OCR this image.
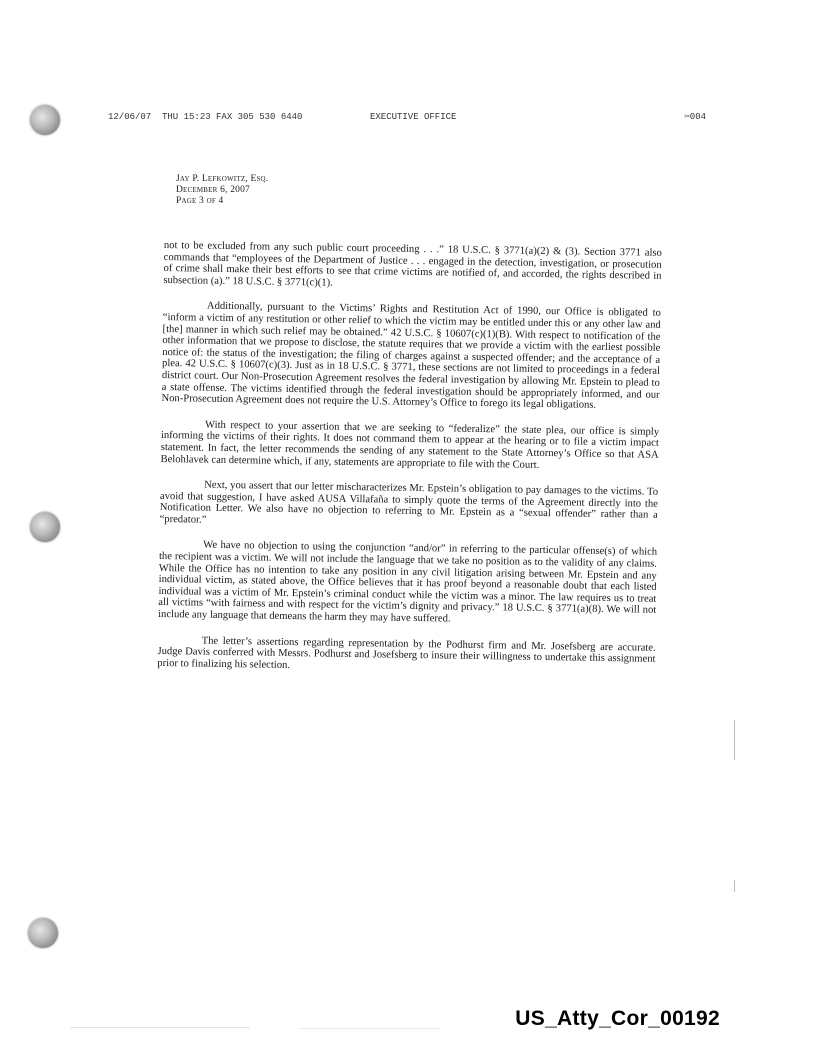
12/06/07  THU 15:23 FAX 305 530 6440	EXECUTIVE OFFICE	✂004
Jay P. Lefkowitz, Esq.
December 6, 2007
Page 3 of 4

not to be excluded from any such public court proceeding . . .” 18 U.S.C. § 3771(a)(2) & (3). Section 3771 also commands that “employees of the Department of Justice . . . engaged in the detection, investigation, or prosecution of crime shall make their best efforts to see that crime victims are notified of, and accorded, the rights described in subsection (a).” 18 U.S.C. § 3771(c)(1).

Additionally, pursuant to the Victims’ Rights and Restitution Act of 1990, our Office is obligated to “inform a victim of any restitution or other relief to which the victim may be entitled under this or any other law and [the] manner in which such relief may be obtained.” 42 U.S.C. § 10607(c)(1)(B). With respect to notification of the other information that we propose to disclose, the statute requires that we provide a victim with the earliest possible notice of: the status of the investigation; the filing of charges against a suspected offender; and the acceptance of a plea. 42 U.S.C. § 10607(c)(3). Just as in 18 U.S.C. § 3771, these sections are not limited to proceedings in a federal district court. Our Non-Prosecution Agreement resolves the federal investigation by allowing Mr. Epstein to plead to a state offense. The victims identified through the federal investigation should be appropriately informed, and our Non-Prosecution Agreement does not require the U.S. Attorney’s Office to forego its legal obligations.

With respect to your assertion that we are seeking to “federalize” the state plea, our office is simply informing the victims of their rights. It does not command them to appear at the hearing or to file a victim impact statement. In fact, the letter recommends the sending of any statement to the State Attorney’s Office so that ASA Belohlavek can determine which, if any, statements are appropriate to file with the Court.

Next, you assert that our letter mischaracterizes Mr. Epstein’s obligation to pay damages to the victims. To avoid that suggestion, I have asked AUSA Villafaña to simply quote the terms of the Agreement directly into the Notification Letter. We also have no objection to referring to Mr. Epstein as a “sexual offender” rather than a “predator.”

We have no objection to using the conjunction “and/or” in referring to the particular offense(s) of which the recipient was a victim. We will not include the language that we take no position as to the validity of any claims. While the Office has no intention to take any position in any civil litigation arising between Mr. Epstein and any individual victim, as stated above, the Office believes that it has proof beyond a reasonable doubt that each listed individual was a victim of Mr. Epstein’s criminal conduct while the victim was a minor. The law requires us to treat all victims “with fairness and with respect for the victim’s dignity and privacy.” 18 U.S.C. § 3771(a)(8). We will not include any language that demeans the harm they may have suffered.

The letter’s assertions regarding representation by the Podhurst firm and Mr. Josefsberg are accurate. Judge Davis conferred with Messrs. Podhurst and Josefsberg to insure their willingness to undertake this assignment prior to finalizing his selection.

US_Atty_Cor_00192
